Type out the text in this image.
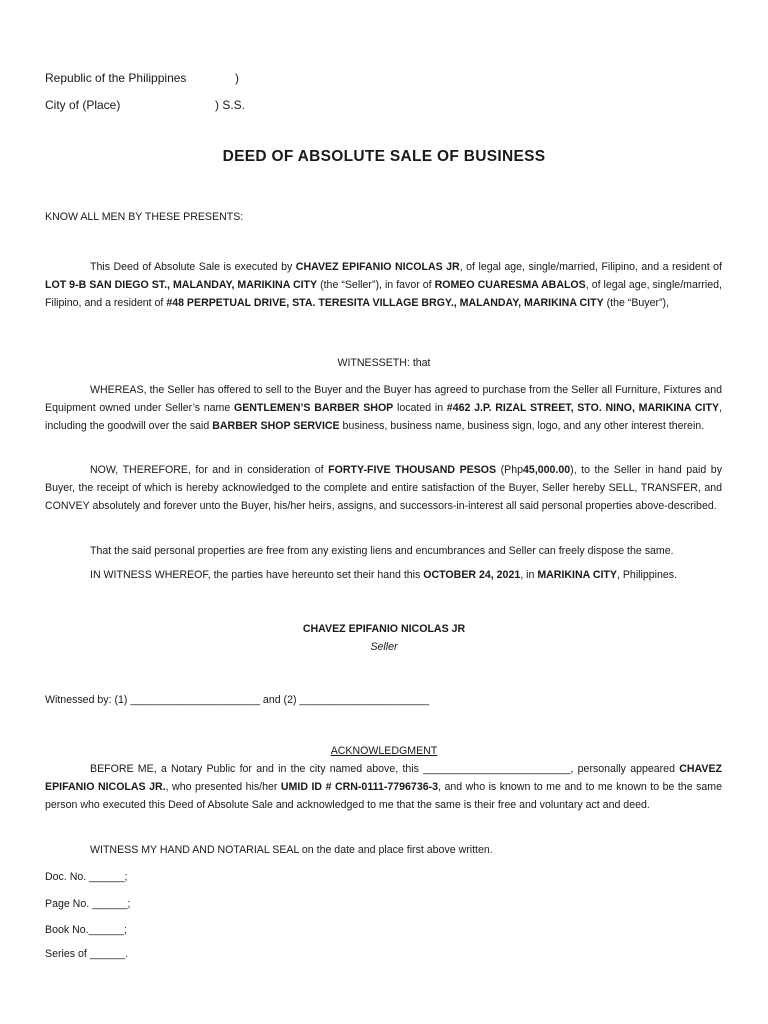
Republic of the Philippines	)
City of (Place)	) S.S.
DEED OF ABSOLUTE SALE OF BUSINESS
KNOW ALL MEN BY THESE PRESENTS:
This Deed of Absolute Sale is executed by CHAVEZ EPIFANIO NICOLAS JR, of legal age, single/married, Filipino, and a resident of LOT 9-B SAN DIEGO ST., MALANDAY, MARIKINA CITY (the “Seller”), in favor of ROMEO CUARESMA ABALOS, of legal age, single/married, Filipino, and a resident of #48 PERPETUAL DRIVE, STA. TERESITA VILLAGE BRGY., MALANDAY, MARIKINA CITY (the “Buyer”),
WITNESSETH: that
WHEREAS, the Seller has offered to sell to the Buyer and the Buyer has agreed to purchase from the Seller all Furniture, Fixtures and Equipment owned under Seller’s name GENTLEMEN’S BARBER SHOP located in #462 J.P. RIZAL STREET, STO. NINO, MARIKINA CITY, including the goodwill over the said BARBER SHOP SERVICE business, business name, business sign, logo, and any other interest therein.
NOW, THEREFORE, for and in consideration of FORTY-FIVE THOUSAND PESOS (Php45,000.00), to the Seller in hand paid by Buyer, the receipt of which is hereby acknowledged to the complete and entire satisfaction of the Buyer, Seller hereby SELL, TRANSFER, and CONVEY absolutely and forever unto the Buyer, his/her heirs, assigns, and successors-in-interest all said personal properties above-described.
That the said personal properties are free from any existing liens and encumbrances and Seller can freely dispose the same.
IN WITNESS WHEREOF, the parties have hereunto set their hand this OCTOBER 24, 2021, in MARIKINA CITY, Philippines.
CHAVEZ EPIFANIO NICOLAS JR
Seller
Witnessed by: (1) ______________________ and (2) ______________________
ACKNOWLEDGMENT
BEFORE ME, a Notary Public for and in the city named above, this _________________________, personally appeared CHAVEZ EPIFANIO NICOLAS JR., who presented his/her UMID ID # CRN-0111-7796736-3, and who is known to me and to me known to be the same person who executed this Deed of Absolute Sale and acknowledged to me that the same is their free and voluntary act and deed.
WITNESS MY HAND AND NOTARIAL SEAL on the date and place first above written.
Doc. No. ______;
Page No. ______;
Book No.______;
Series of ______.
